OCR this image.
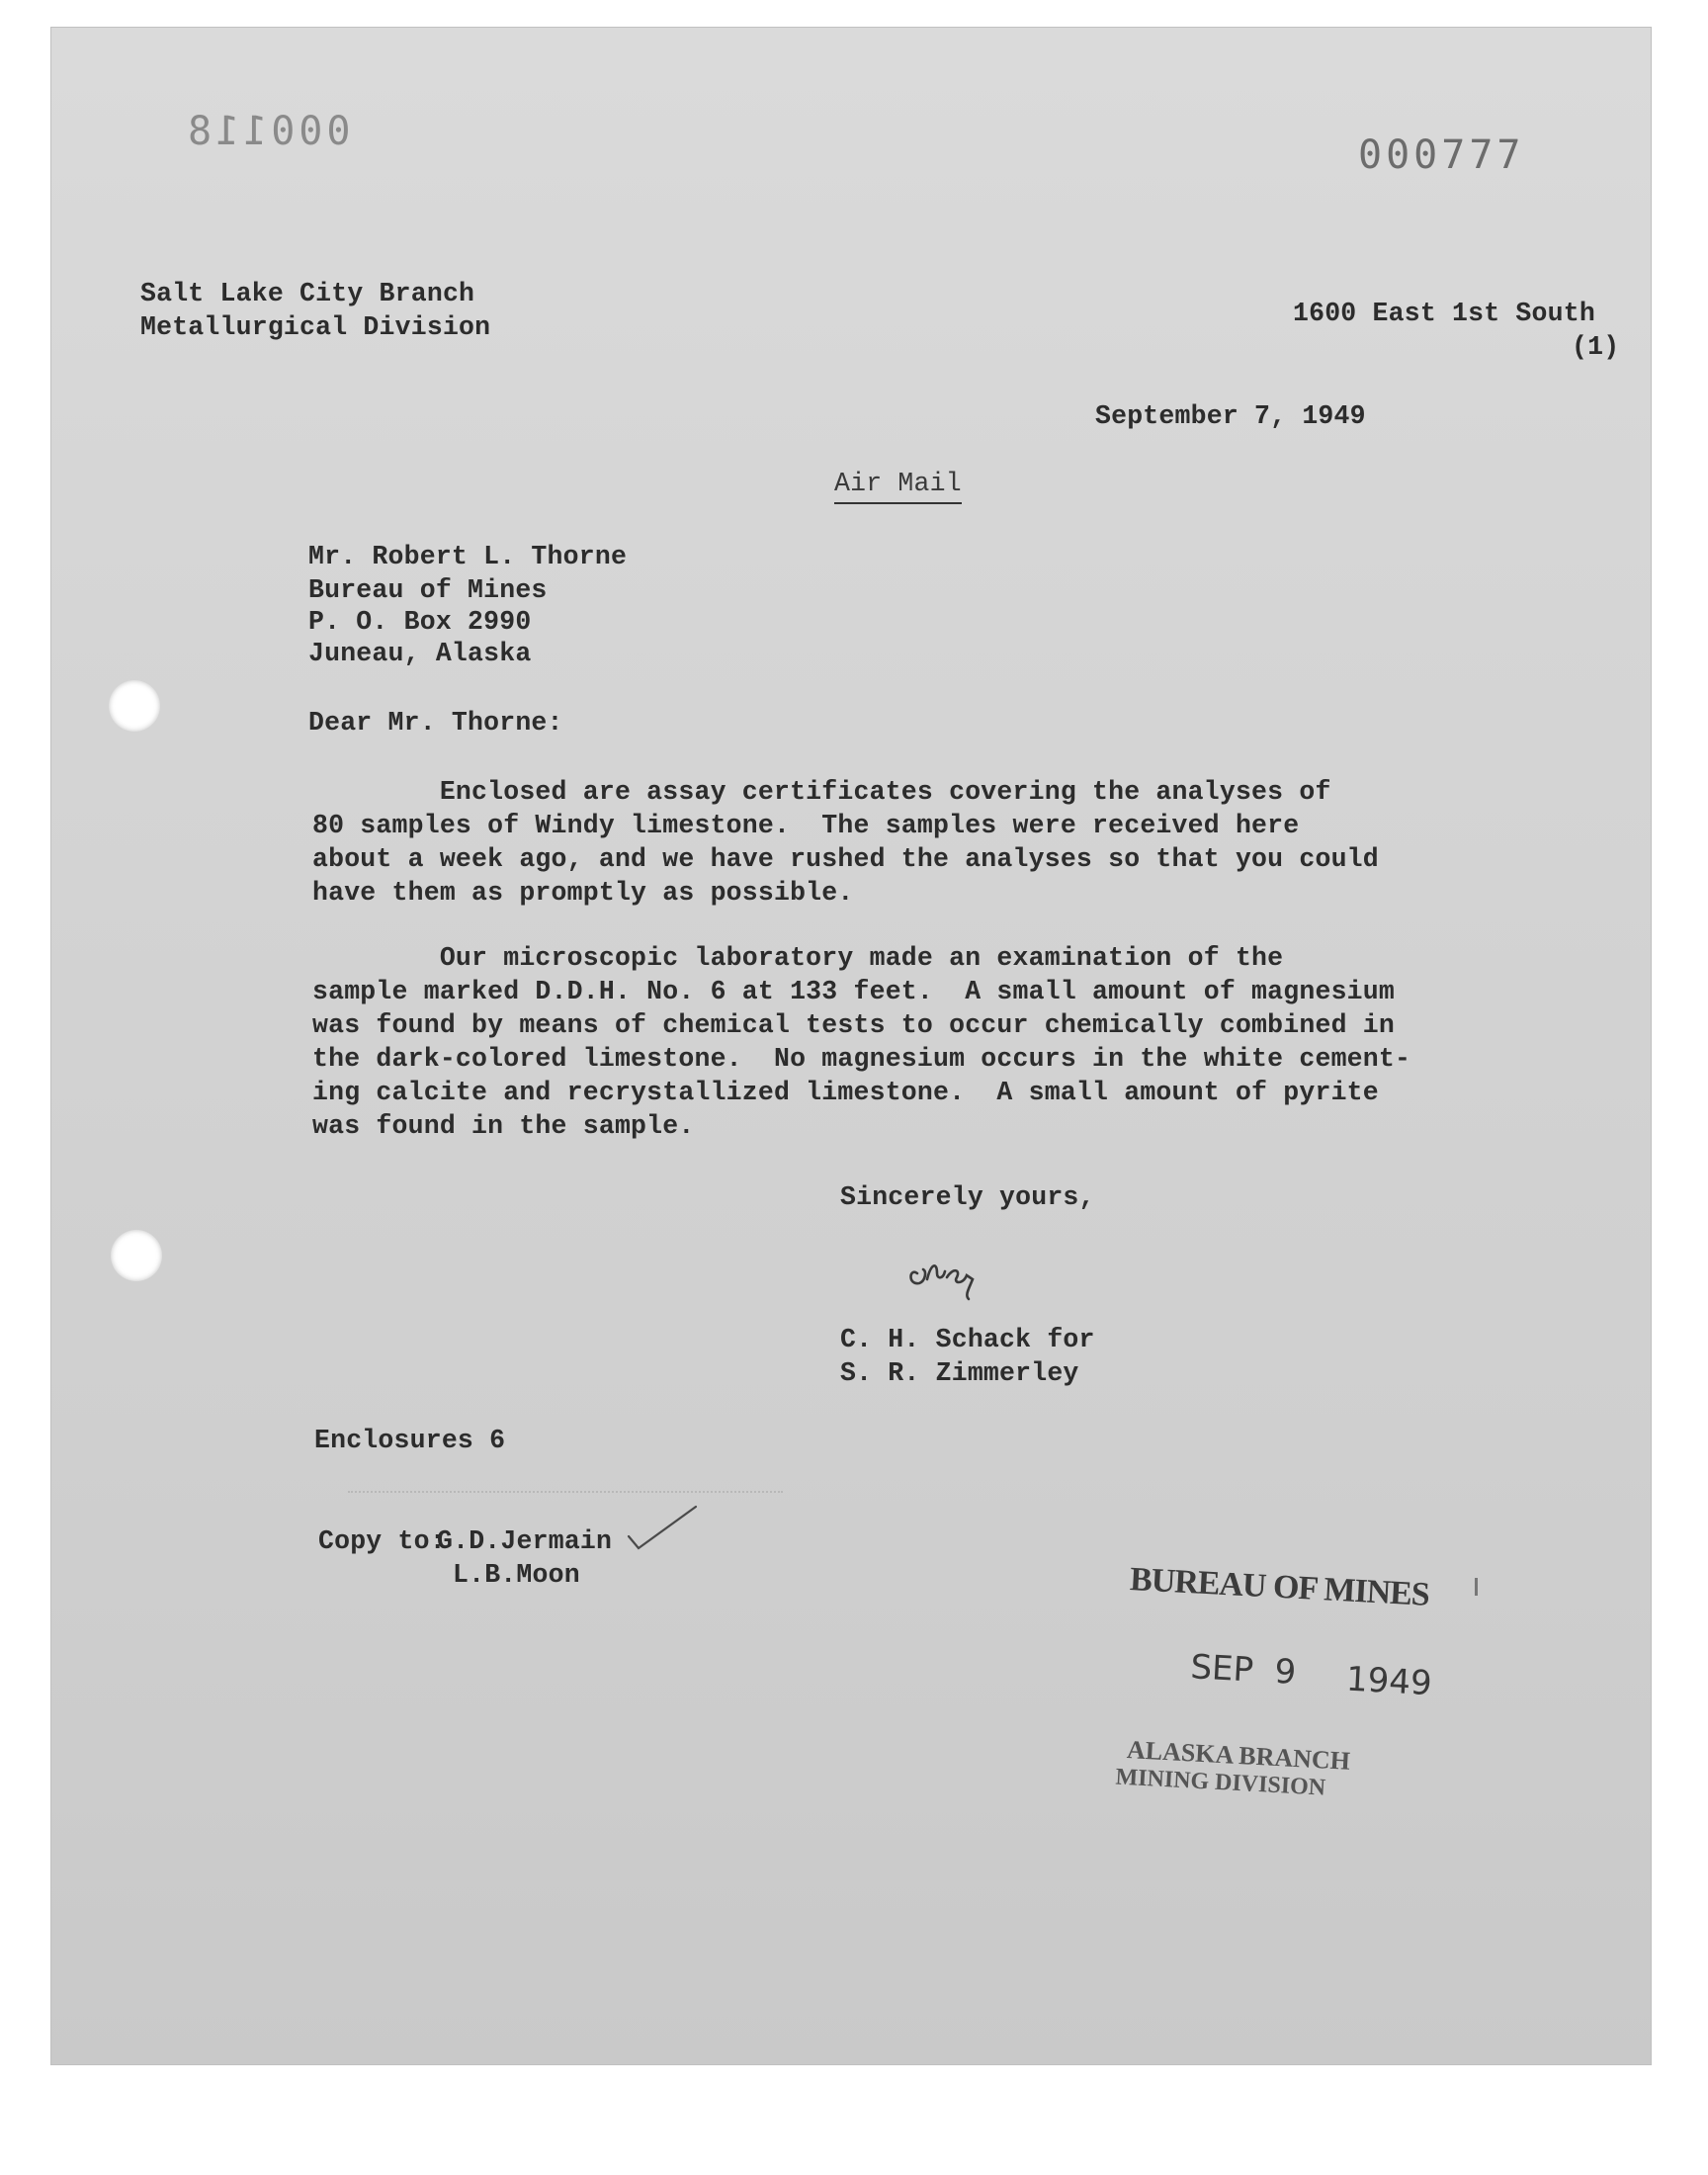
000118
000777
Salt Lake City Branch
Metallurgical Division	1600 East 1st South
(1)
September 7, 1949
Air Mail
Mr. Robert L. Thorne
Bureau of Mines
P. O. Box 2990
Juneau, Alaska
Dear Mr. Thorne:
Enclosed are assay certificates covering the analyses of
80 samples of Windy limestone.  The samples were received here
about a week ago, and we have rushed the analyses so that you could
have them as promptly as possible.
Our microscopic laboratory made an examination of the
sample marked D.D.H. No. 6 at 133 feet.  A small amount of magnesium
was found by means of chemical tests to occur chemically combined in
the dark-colored limestone.  No magnesium occurs in the white cement-
ing calcite and recrystallized limestone.  A small amount of pyrite
was found in the sample.
Sincerely yours,
C. H. Schack for
S. R. Zimmerley
Enclosures 6
Copy to:
G.D.Jermain
L.B.Moon	BUREAU OF MINES
SEP  9 1949
ALASKA BRANCH
MINING DIVISION
